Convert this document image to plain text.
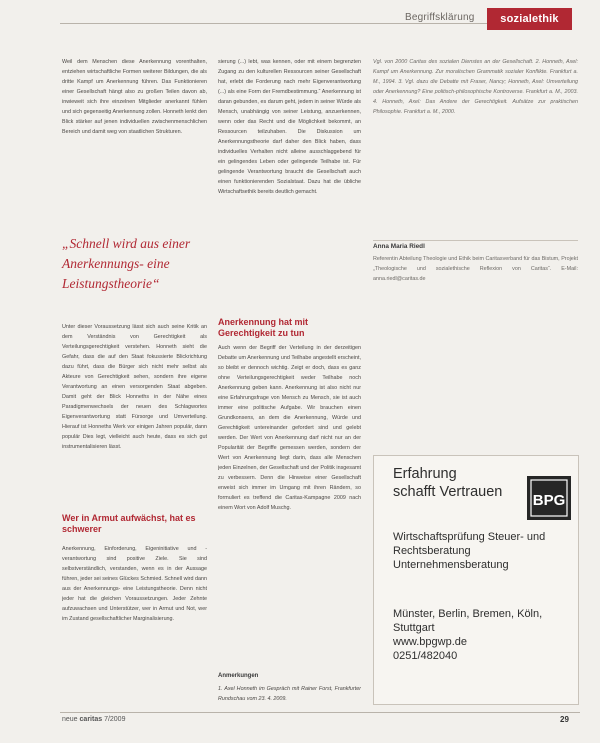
Begriffsklärung	sozialethik

Weil dem Menschen diese Anerkennung vorenthalten, entziehen wirtschaftliche Formen weiterer Bildungen, die als dritte Kampf um Anerkennung führen. Das Funktionieren einer Gesellschaft hängt also zu großen Teilen davon ab, inwieweit sich ihre einzelnen Mitglieder anerkannt fühlen und sich gegenseitig Anerkennung zollen. Honneth lenkt den Blick stärker auf jenen individuellen zwischenmenschlichen Bereich und damit weg von staatlichen Strukturen.

„Schnell wird aus einer Anerkennungs- eine Leistungstheorie“

Unter dieser Voraussetzung lässt sich auch seine Kritik an dem Verständnis von Gerechtigkeit als Verteilungsgerechtigkeit verstehen. Honneth sieht die Gefahr, dass die auf den Staat fokussierte Blickrichtung dazu führt, dass die Bürger sich nicht mehr selbst als Akteure von Gerechtigkeit sehen, sondern ihre eigene Verantwortung an einen versorgenden Staat abgeben. Damit geht der Blick Honneths in der Nähe eines Paradigmenwechsels der neuen des Schlagwortes Eigenverantwortung statt Fürsorge und Umverteilung. Hierauf ist Honneths Werk vor einigen Jahren populär, dann populär Dies legt, vielleicht auch heute, dass es sich gut instrumentalisieren lässt.

Wer in Armut aufwächst, hat es schwerer

Anerkennung, Einforderung, Eigeninitiative und -verantwortung sind positive Ziele. Sie sind selbstverständlich, verstanden, wenn es in der Aussage führen, jeder sei seines Glückes Schmied. Schnell wird dann aus der Anerkennungs- eine Leistungstheorie. Denn nicht jeder hat die gleichen Voraussetzungen. Jeder Zehnte aufzuwachsen und Unterstützer, wer in Armut und Not, wer im Zustand gesellschaftlicher Marginalisierung.

sierung (...) lebt, was kennen, oder mit einem begrenzten Zugang zu den kulturellen Ressourcen seiner Gesellschaft hat, erlebt die Forderung nach mehr Eigenverantwortung (...) als eine Form der Fremdbestimmung.“ Anerkennung ist daran gebunden, es darum geht, jedem in seiner Würde als Mensch, unabhängig von seiner Leistung, anzuerkennen, wenn oder das Recht und die Möglichkeit bekommt, an Ressourcen teilzuhaben. Die Diskussion um Anerkennungstheorie darf daher den Blick haben, dass individuelles Verhalten nicht alleine ausschlaggebend für ein gelingendes Leben oder gelingende Teilhabe ist. Für gelingende Verantwortung braucht die Gesellschaft auch einen funktionierenden Sozialstaat. Dazu hat die übliche Wirtschaftsethik bereits deutlich gemacht.

Anerkennung hat mit Gerechtigkeit zu tun

Auch wenn der Begriff der Verteilung in der derzeitigen Debatte um Anerkennung und Teilhabe angestellt erscheint, so bleibt er dennoch wichtig. Zeigt er doch, dass es ganz ohne Verteilungsgerechtigkeit weder Teilhabe noch Anerkennung geben kann. Anerkennung ist also nicht nur eine Erfahrungsfrage von Mensch zu Mensch, sie ist auch immer eine politische Aufgabe. Wir brauchen einen Grundkonsens, an dem die Anerkennung, Würde und Gerechtigkeit untereinander gefordert sind und gelebt werden. Der Wert von Anerkennung darf nicht nur an der Popularität der Begriffe gemessen werden, sondern der Wert von Anerkennung liegt darin, dass alle Menschen jeden Einzelnen, der Gesellschaft und der Politik insgesamt zu verbessern. Denn die Hinweise einer Gesellschaft erweist sich immer im Umgang mit ihren Rändern, so formuliert es treffend die Caritas-Kampagne 2009 nach einem Wort von Adolf Muschg.

Anmerkungen

1. Axel Honneth im Gespräch mit Rainer Forst, Frankfurter Rundschau vom 23. 4. 2009.

Vgl. von 2000 Caritas des sozialen Dienstes an der Gesellschaft. 2. Honneth, Axel: Kampf um Anerkennung. Zur moralischen Grammatik sozialer Konflikte. Frankfurt a. M., 1994. 3. Vgl. dazu die Debatte mit Fraser, Nancy; Honneth, Axel: Umverteilung oder Anerkennung? Eine politisch-philosophische Kontroverse. Frankfurt a. M., 2003. 4. Honneth, Axel: Das Andere der Gerechtigkeit. Aufsätze zur praktischen Philosophie. Frankfurt a. M., 2000.

Anna Maria Riedl

Referentin Abteilung Theologie und Ethik beim Caritasverband für das Bistum, Projekt „Theologische und sozialethische Reflexion von Caritas“. E-Mail: anna.riedl@caritas.de

BPG
Erfahrung
schafft Vertrauen
Wirtschaftsprüfung Steuer- und Rechtsberatung Unternehmensberatung
Münster, Berlin, Bremen, Köln, Stuttgart
www.bpgwp.de
0251/482040
neue caritas 7/2009	29
